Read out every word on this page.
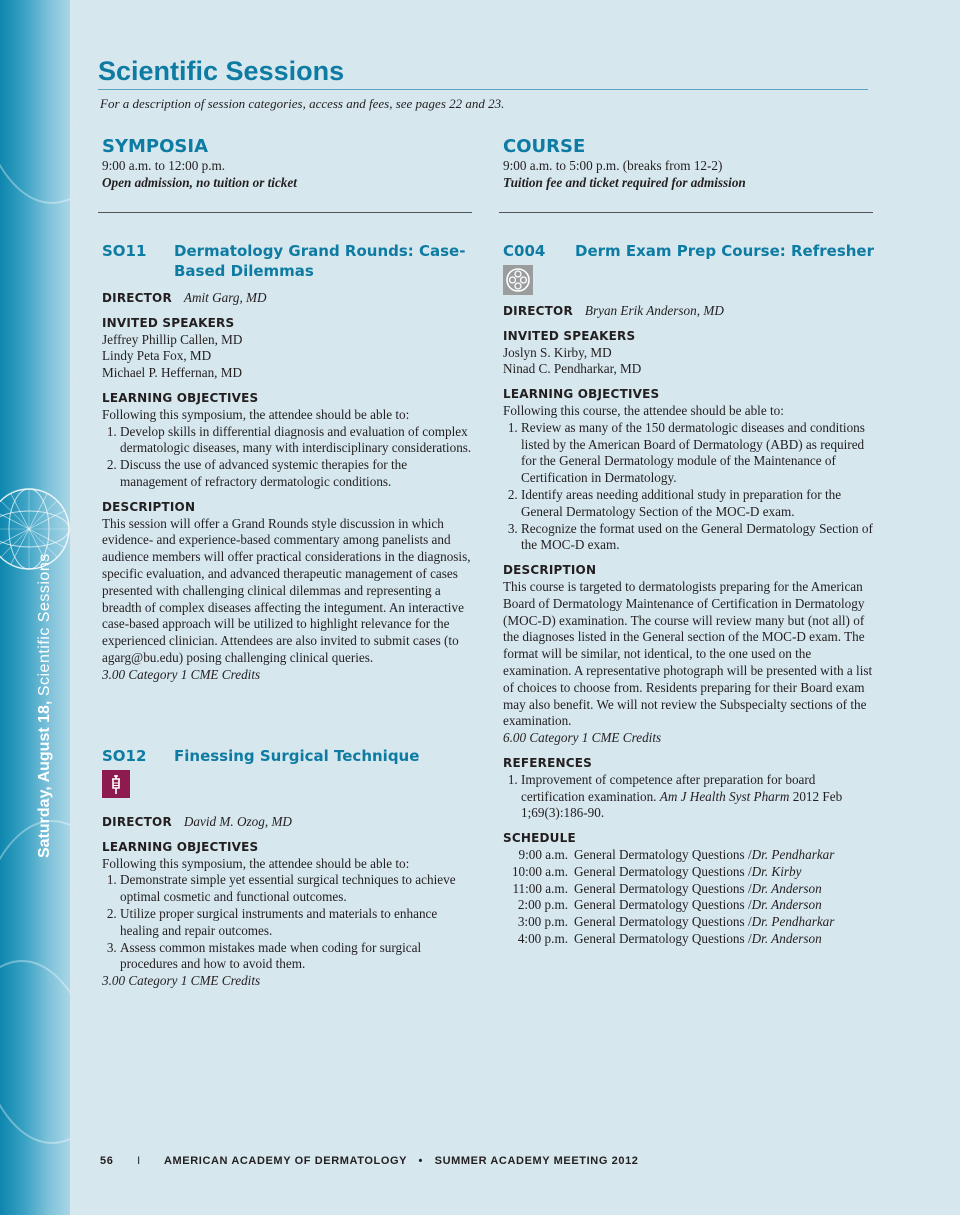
Saturday, August 18, Scientific Sessions
Scientific Sessions
For a description of session categories, access and fees, see pages 22 and 23.
SYMPOSIA
9:00 a.m. to 12:00 p.m.
Open admission, no tuition or ticket
SO11	Dermatology Grand Rounds: Case-Based Dilemmas
DIRECTOR Amit Garg, MD
INVITED SPEAKERS
Jeffrey Phillip Callen, MD
Lindy Peta Fox, MD
Michael P. Heffernan, MD
LEARNING OBJECTIVES
Following this symposium, the attendee should be able to:
1. Develop skills in differential diagnosis and evaluation of complex dermatologic diseases, many with interdisciplinary considerations.
2. Discuss the use of advanced systemic therapies for the management of refractory dermatologic conditions.
DESCRIPTION
This session will offer a Grand Rounds style discussion in which evidence- and experience-based commentary among panelists and audience members will offer practical considerations in the diagnosis, specific evaluation, and advanced therapeutic management of cases presented with challenging clinical dilemmas and representing a breadth of complex diseases affecting the integument. An interactive case-based approach will be utilized to highlight relevance for the experienced clinician. Attendees are also invited to submit cases (to agarg@bu.edu) posing challenging clinical queries.
3.00 Category 1 CME Credits
SO12	Finessing Surgical Technique
DIRECTOR David M. Ozog, MD
LEARNING OBJECTIVES
Following this symposium, the attendee should be able to:
1. Demonstrate simple yet essential surgical techniques to achieve optimal cosmetic and functional outcomes.
2. Utilize proper surgical instruments and materials to enhance healing and repair outcomes.
3. Assess common mistakes made when coding for surgical procedures and how to avoid them.
3.00 Category 1 CME Credits
COURSE
9:00 a.m. to 5:00 p.m. (breaks from 12-2)
Tuition fee and ticket required for admission
C004	Derm Exam Prep Course: Refresher
DIRECTOR Bryan Erik Anderson, MD
INVITED SPEAKERS
Joslyn S. Kirby, MD
Ninad C. Pendharkar, MD
LEARNING OBJECTIVES
Following this course, the attendee should be able to:
1. Review as many of the 150 dermatologic diseases and conditions listed by the American Board of Dermatology (ABD) as required for the General Dermatology module of the Maintenance of Certification in Dermatology.
2. Identify areas needing additional study in preparation for the General Dermatology Section of the MOC-D exam.
3. Recognize the format used on the General Dermatology Section of the MOC-D exam.
DESCRIPTION
This course is targeted to dermatologists preparing for the American Board of Dermatology Maintenance of Certification in Dermatology (MOC-D) examination. The course will review many but (not all) of the diagnoses listed in the General section of the MOC-D exam. The format will be similar, not identical, to the one used on the examination. A representative photograph will be presented with a list of choices to choose from. Residents preparing for their Board exam may also benefit. We will not review the Subspecialty sections of the examination.
6.00 Category 1 CME Credits
REFERENCES
1. Improvement of competence after preparation for board certification examination. Am J Health Syst Pharm 2012 Feb 1;69(3):186-90.
SCHEDULE
9:00 a.m. General Dermatology Questions / Dr. Pendharkar
10:00 a.m. General Dermatology Questions / Dr. Kirby
11:00 a.m. General Dermatology Questions / Dr. Anderson
2:00 p.m. General Dermatology Questions / Dr. Anderson
3:00 p.m. General Dermatology Questions / Dr. Pendharkar
4:00 p.m. General Dermatology Questions / Dr. Anderson
56 I AMERICAN ACADEMY OF DERMATOLOGY • SUMMER ACADEMY MEETING 2012
